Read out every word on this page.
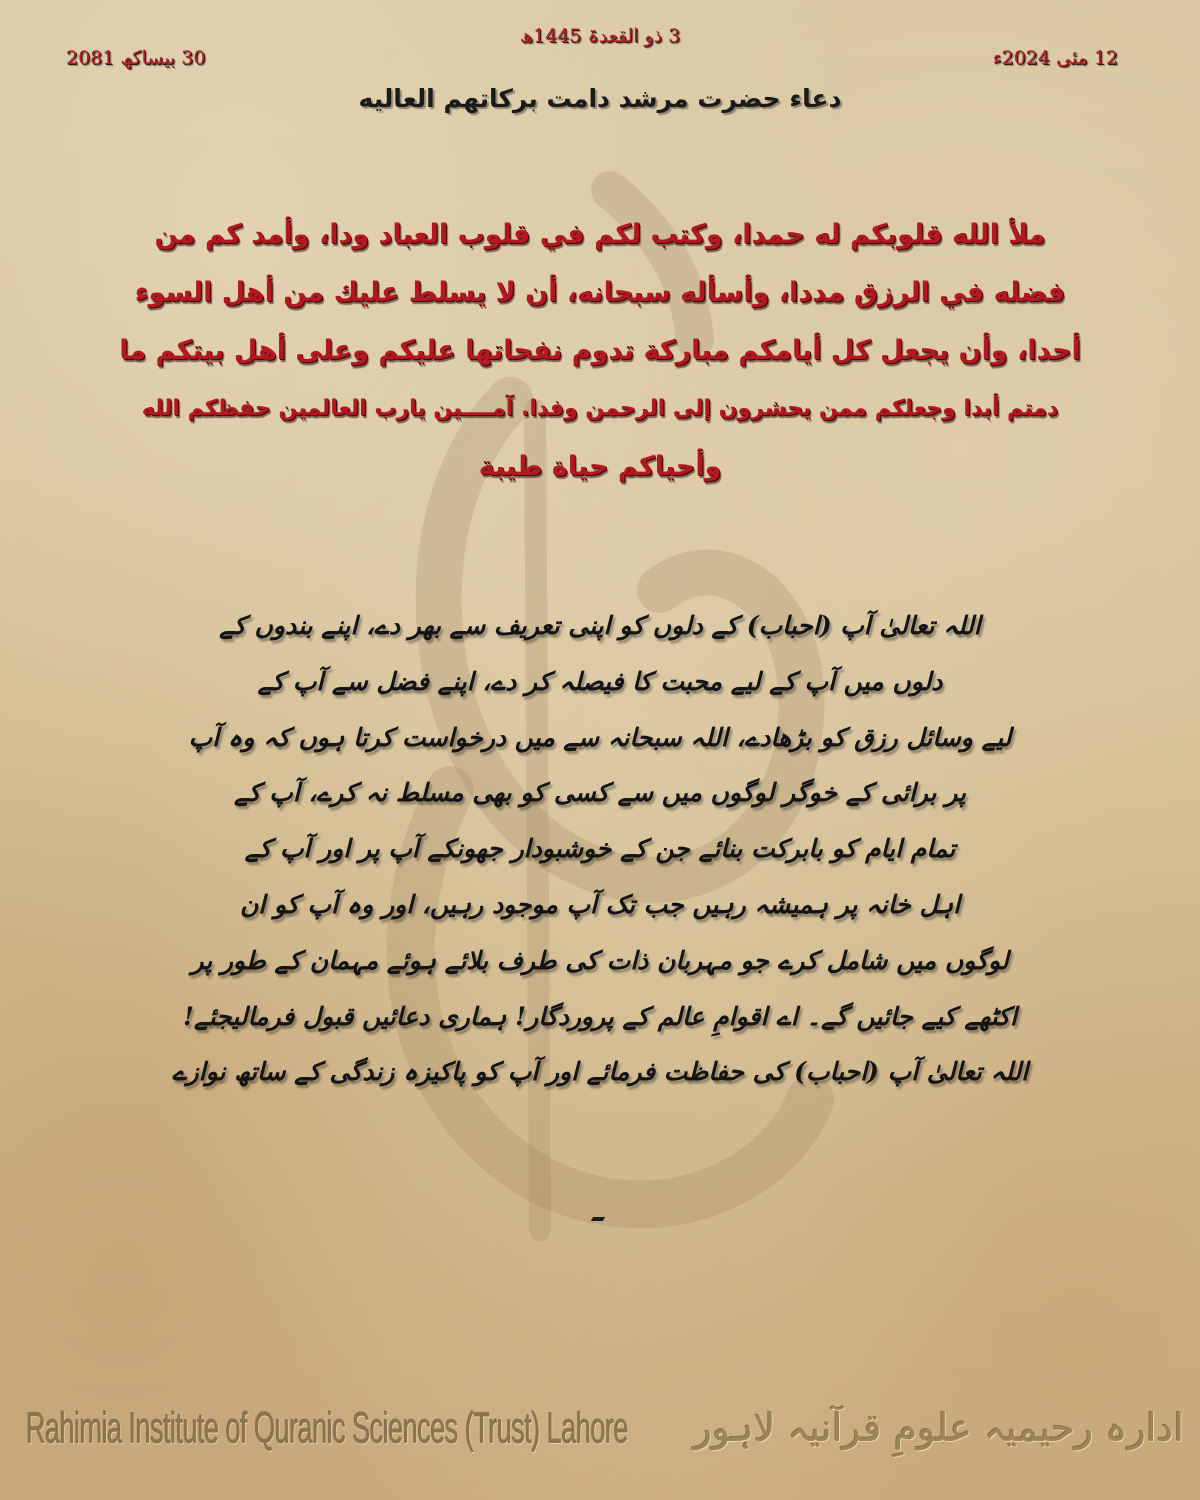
30 بیساکھ 2081
3 ذو القعدۃ 1445ھ
12 مئی 2024ء
دعاء حضرت مرشد دامت برکاتهم العالیه
ملأ الله قلوبكم له حمدا، وكتب لكم في قلوب العباد ودا، وأمد كم من
فضله في الرزق مددا، وأسأله سبحانه، أن لا يسلط عليك من أهل السوء
أحدا، وأن يجعل كل أيامكم مباركة تدوم نفحاتها عليكم وعلى أهل بيتكم ما
دمتم أبدا وجعلكم ممن يحشرون إلى الرحمن وفدا. آمــــين يارب العالمين حفظكم الله
وأحياكم حياة طيبة
اللہ تعالیٰ آپ (احباب) کے دلوں کو اپنی تعریف سے بھر دے، اپنے بندوں کے
دلوں میں آپ کے لیے محبت کا فیصلہ کر دے، اپنے فضل سے آپ کے
لیے وسائل رزق کو بڑھادے، اللہ سبحانہ سے میں درخواست کرتا ہوں کہ وہ آپ
پر برائی کے خوگر لوگوں میں سے کسی کو بھی مسلط نہ کرے، آپ کے
تمام ایام کو بابرکت بنائے جن کے خوشبودار جھونکے آپ پر اور آپ کے
اہل خانہ پر ہمیشہ رہیں جب تک آپ موجود رہیں، اور وہ آپ کو ان
لوگوں میں شامل کرے جو مہربان ذات کی طرف بلائے ہوئے مہمان کے طور پر
اکٹھے کیے جائیں گے۔ اے اقوامِ عالم کے پروردگار! ہماری دعائیں قبول فرمالیجئے!
اللہ تعالیٰ آپ (احباب) کی حفاظت فرمائے اور آپ کو پاکیزہ زندگی کے ساتھ نوازے
Rahimia Institute of Quranic Sciences (Trust) Lahore ادارہ رحیمیہ علومِ قرآنیہ لاہور
